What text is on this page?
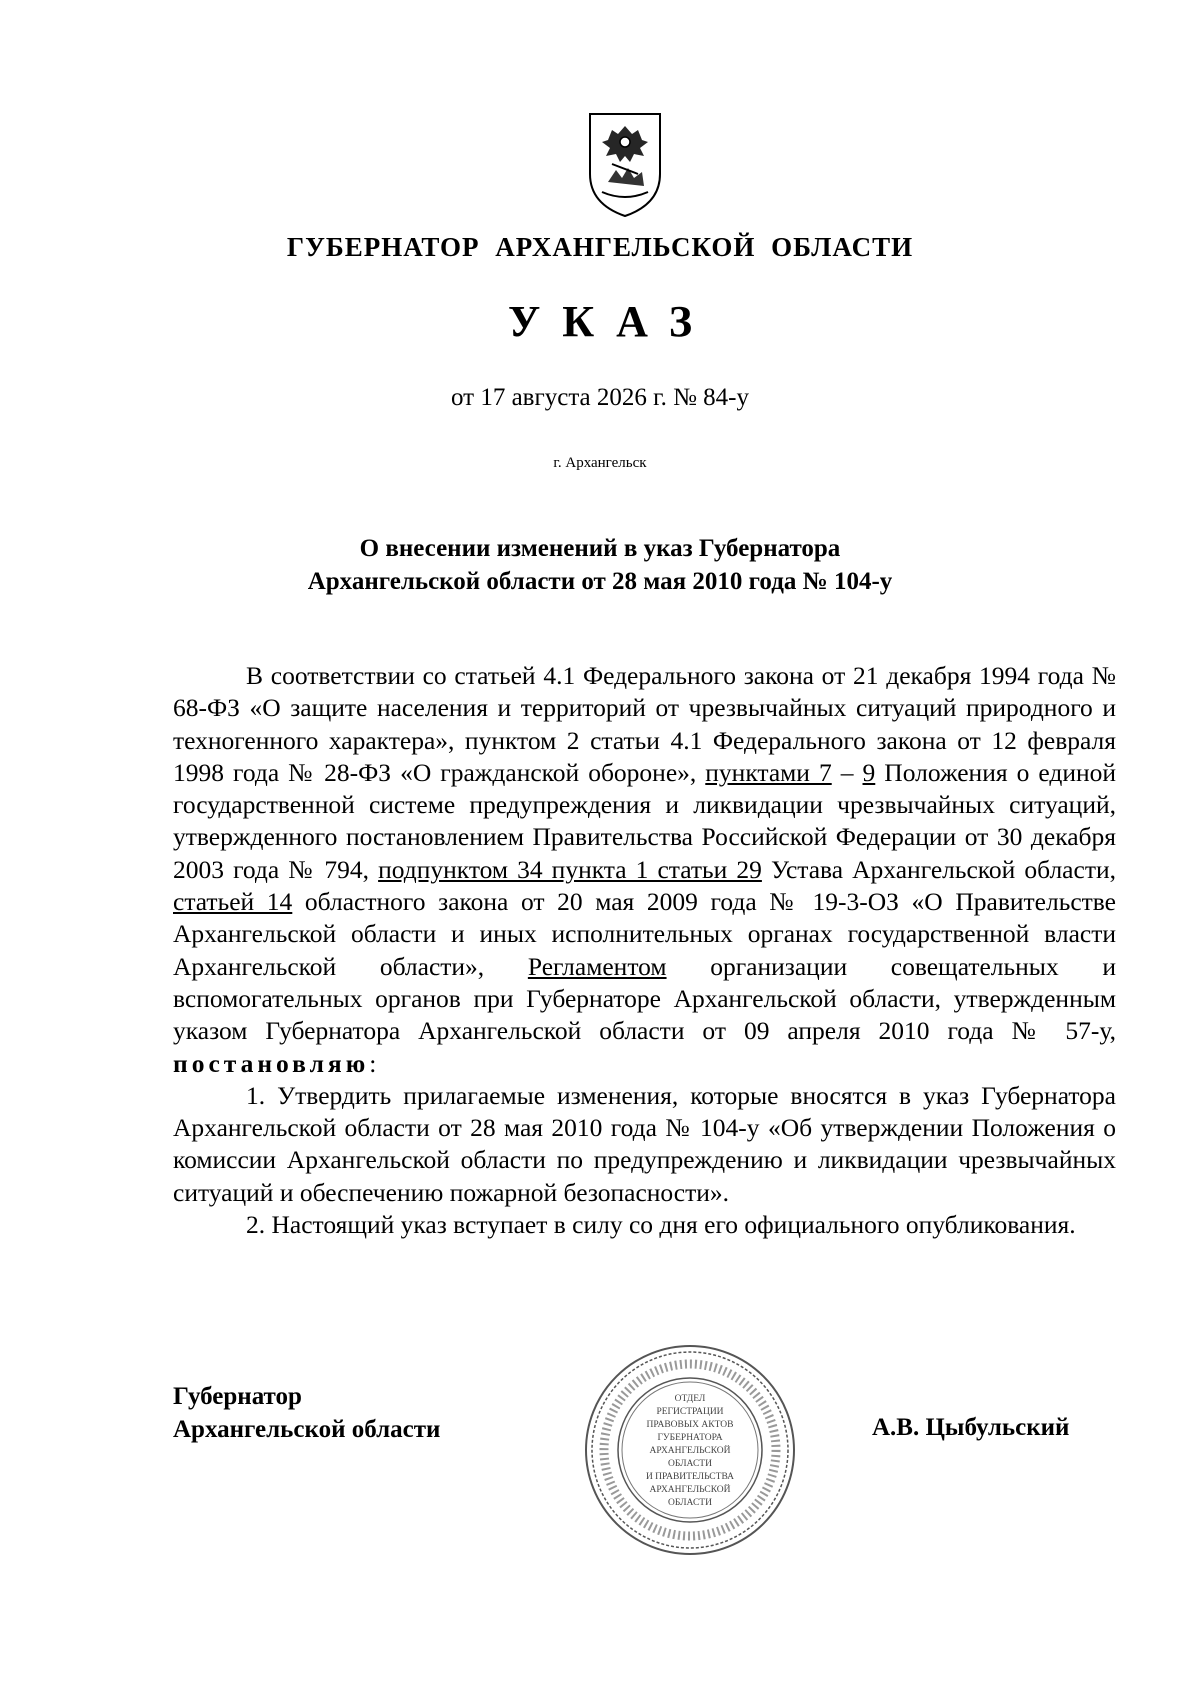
ГУБЕРНАТОР АРХАНГЕЛЬСКОЙ ОБЛАСТИ
УКАЗ
от 17 августа 2026 г. № 84-у
г. Архангельск
О внесении изменений в указ Губернатора
Архангельской области от 28 мая 2010 года № 104-у

В соответствии со статьей 4.1 Федерального закона от 21 декабря 1994 года № 68-ФЗ «О защите населения и территорий от чрезвычайных ситуаций природного и техногенного характера», пунктом 2 статьи 4.1 Федерального закона от 12 февраля 1998 года № 28-ФЗ «О гражданской обороне», пунктами 7 – 9 Положения о единой государственной системе предупреждения и ликвидации чрезвычайных ситуаций, утвержденного постановлением Правительства Российской Федерации от 30 декабря 2003 года № 794, подпунктом 34 пункта 1 статьи 29 Устава Архангельской области, статьей 14 областного закона от 20 мая 2009 года № 19-3-ОЗ «О Правительстве Архангельской области и иных исполнительных органах государственной власти Архангельской области», Регламентом организации совещательных и вспомогательных органов при Губернаторе Архангельской области, утвержденным указом Губернатора Архангельской области от 09 апреля 2010 года № 57-у, постановляю:

1. Утвердить прилагаемые изменения, которые вносятся в указ Губернатора Архангельской области от 28 мая 2010 года № 104-у «Об утверждении Положения о комиссии Архангельской области по предупреждению и ликвидации чрезвычайных ситуаций и обеспечению пожарной безопасности».

2. Настоящий указ вступает в силу со дня его официального опубликования.

Губернатор
Архангельской области	А.В. Цыбульский
ОТДЕЛ
РЕГИСТРАЦИИ
ПРАВОВЫХ АКТОВ
ГУБЕРНАТОРА
АРХАНГЕЛЬСКОЙ
ОБЛАСТИ
И ПРАВИТЕЛЬСТВА
АРХАНГЕЛЬСКОЙ
ОБЛАСТИ
